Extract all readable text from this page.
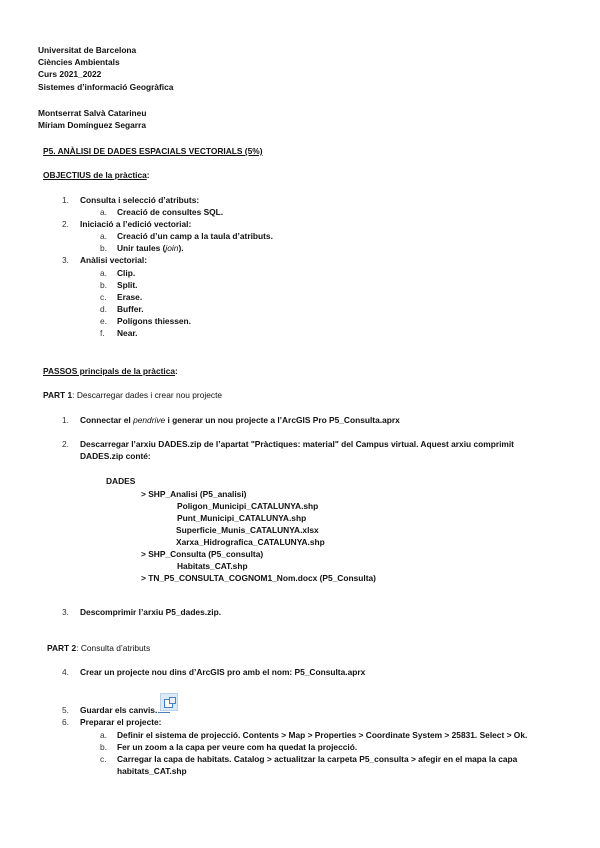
Universitat de Barcelona
Ciències Ambientals
Curs 2021_2022
Sistemes d’informació Geogràfica
Montserrat Salvà Catarineu
Míriam Domínguez Segarra
P5. ANÀLISI DE DADES ESPACIALS VECTORIALS (5%)
OBJECTIUS de la pràctica:
1. Consulta i selecció d’atributs:
a. Creació de consultes SQL.
2. Iniciació a l’edició vectorial:
a. Creació d’un camp a la taula d’atributs.
b. Unir taules (join).
3. Anàlisi vectorial:
a. Clip.
b. Split.
c. Erase.
d. Buffer.
e. Polígons thiessen.
f. Near.
PASSOS principals de la pràctica:
PART 1: Descarregar dades i crear nou projecte
1. Connectar el pendrive i generar un nou projecte a l’ArcGIS Pro P5_Consulta.aprx
2. Descarregar l’arxiu DADES.zip de l’apartat "Pràctiques: material" del Campus virtual. Aquest arxiu comprimit
DADES.zip conté:
DADES
> SHP_Analisi (P5_analisi)
Poligon_Municipi_CATALUNYA.shp
Punt_Municipi_CATALUNYA.shp
Superficie_Munis_CATALUNYA.xlsx
Xarxa_Hidrografica_CATALUNYA.shp
> SHP_Consulta (P5_consulta)
Habitats_CAT.shp
> TN_P5_CONSULTA_COGNOM1_Nom.docx (P5_Consulta)
3. Descomprimir l’arxiu P5_dades.zip.
PART 2: Consulta d’atributs
4. Crear un projecte nou dins d’ArcGIS pro amb el nom: P5_Consulta.aprx
5. Guardar els canvis.
6. Preparar el projecte:
a. Definir el sistema de projecció. Contents > Map > Properties > Coordinate System > 25831. Select > Ok.
b. Fer un zoom a la capa per veure com ha quedat la projecció.
c. Carregar la capa de habitats. Catalog > actualitzar la carpeta P5_consulta > afegir en el mapa la capa
habitats_CAT.shp
